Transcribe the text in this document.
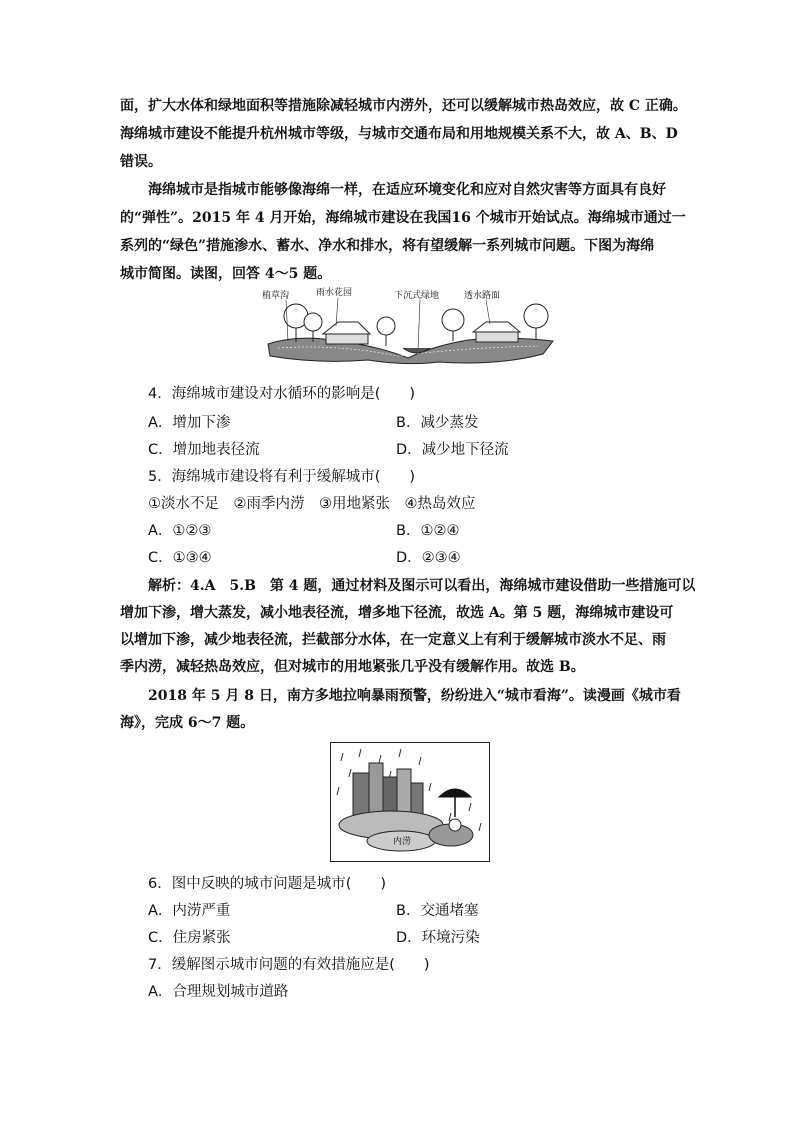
面，扩大水体和绿地面积等措施除减轻城市内涝外，还可以缓解城市热岛效应，故 C 正确。
海绵城市建设不能提升杭州城市等级，与城市交通布局和用地规模关系不大，故 A、B、D
错误。
海绵城市是指城市能够像海绵一样，在适应环境变化和应对自然灾害等方面具有良好
的“弹性”。2015 年 4 月开始，海绵城市建设在我国16 个城市开始试点。海绵城市通过一
系列的“绿色”措施渗水、蓄水、净水和排水，将有望缓解一系列城市问题。下图为海绵
城市简图。读图，回答 4～5 题。
植草沟	雨水花园	下沉式绿地	透水路面
4．海绵城市建设对水循环的影响是(　　)
A．增加下渗	B．减少蒸发
C．增加地表径流	D．减少地下径流
5．海绵城市建设将有利于缓解城市(　　)
①淡水不足　②雨季内涝　③用地紧张　④热岛效应
A．①②③	B．①②④
C．①③④	D．②③④
解析：4.A　5.B　第 4 题，通过材料及图示可以看出，海绵城市建设借助一些措施可以
增加下渗，增大蒸发，减小地表径流，增多地下径流，故选 A。第 5 题，海绵城市建设可
以增加下渗，减少地表径流，拦截部分水体，在一定意义上有利于缓解城市淡水不足、雨
季内涝，减轻热岛效应，但对城市的用地紧张几乎没有缓解作用。故选 B。
2018 年 5 月 8 日，南方多地拉响暴雨预警，纷纷进入“城市看海”。读漫画《城市看
海》，完成 6～7 题。
内涝
6．图中反映的城市问题是城市(　　)
A．内涝严重	B．交通堵塞
C．住房紧张	D．环境污染
7．缓解图示城市问题的有效措施应是(　　)
A．合理规划城市道路
